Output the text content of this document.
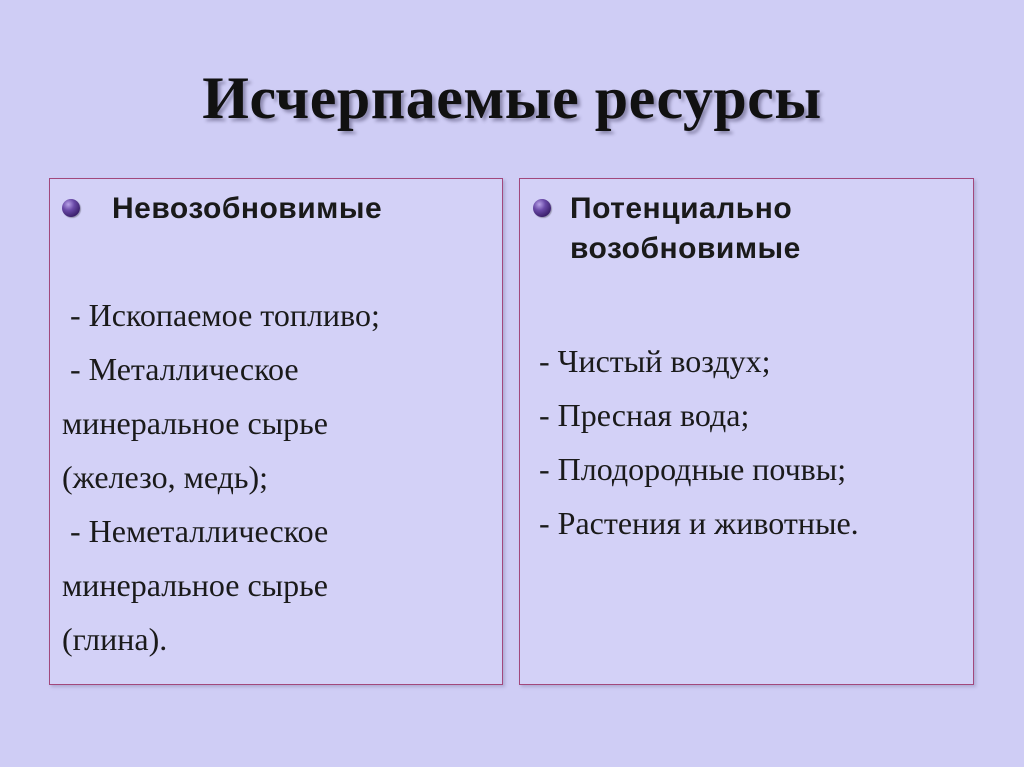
Исчерпаемые ресурсы
Невозобновимые

- Ископаемое топливо;

- Металлическое

минеральное сырье

(железо, медь);

- Неметаллическое

минеральное сырье

(глина).

Потенциально
возобновимые

- Чистый воздух;

- Пресная вода;

- Плодородные почвы;

- Растения и животные.
